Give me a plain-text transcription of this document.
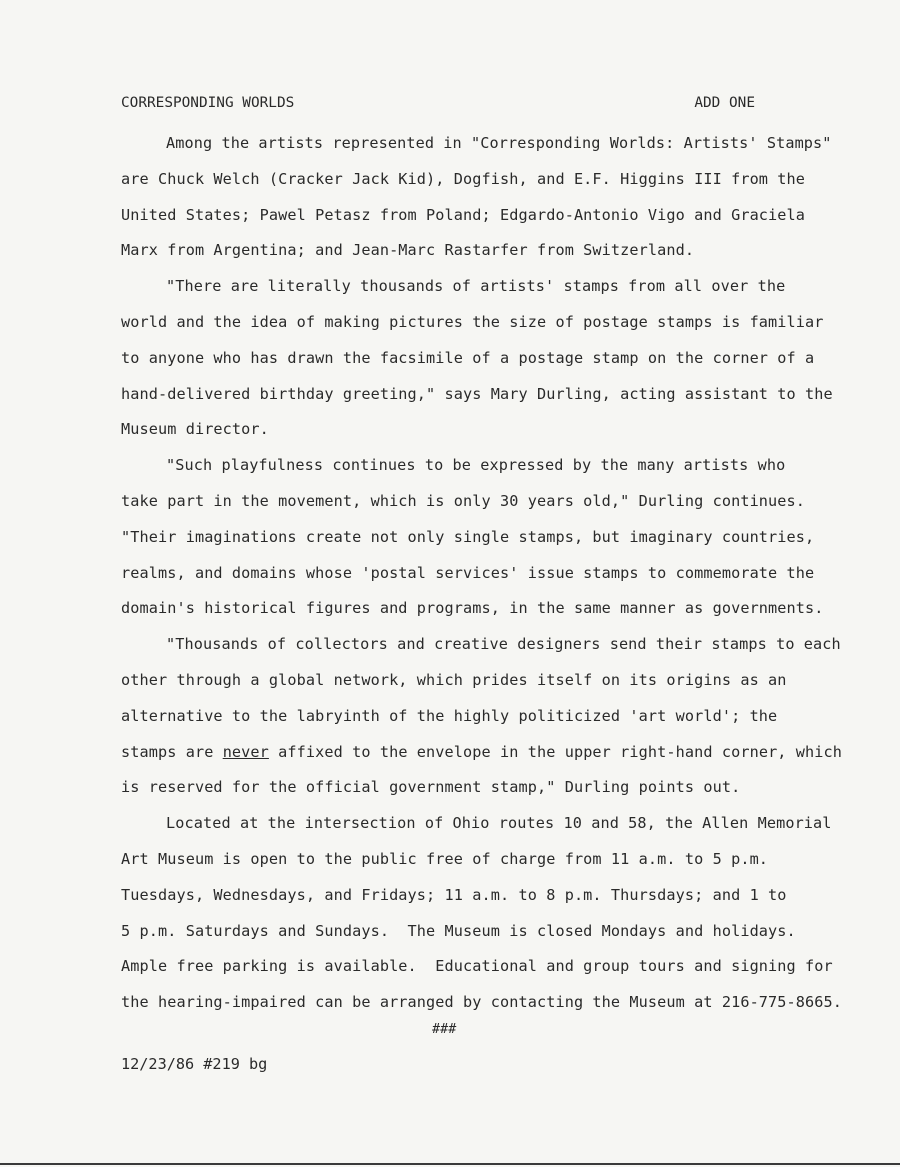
CORRESPONDING WORLDS	ADD ONE
Among the artists represented in "Corresponding Worlds: Artists' Stamps"
are Chuck Welch (Cracker Jack Kid), Dogfish, and E.F. Higgins III from the
United States; Pawel Petasz from Poland; Edgardo-Antonio Vigo and Graciela
Marx from Argentina; and Jean-Marc Rastarfer from Switzerland.
"There are literally thousands of artists' stamps from all over the
world and the idea of making pictures the size of postage stamps is familiar
to anyone who has drawn the facsimile of a postage stamp on the corner of a
hand-delivered birthday greeting," says Mary Durling, acting assistant to the
Museum director.
"Such playfulness continues to be expressed by the many artists who
take part in the movement, which is only 30 years old," Durling continues.
"Their imaginations create not only single stamps, but imaginary countries,
realms, and domains whose 'postal services' issue stamps to commemorate the
domain's historical figures and programs, in the same manner as governments.
"Thousands of collectors and creative designers send their stamps to each
other through a global network, which prides itself on its origins as an
alternative to the labryinth of the highly politicized 'art world'; the
stamps are never affixed to the envelope in the upper right-hand corner, which
is reserved for the official government stamp," Durling points out.
Located at the intersection of Ohio routes 10 and 58, the Allen Memorial
Art Museum is open to the public free of charge from 11 a.m. to 5 p.m.
Tuesdays, Wednesdays, and Fridays; 11 a.m. to 8 p.m. Thursdays; and 1 to
5 p.m. Saturdays and Sundays.  The Museum is closed Mondays and holidays.
Ample free parking is available.  Educational and group tours and signing for
the hearing-impaired can be arranged by contacting the Museum at 216-775-8665.
###
12/23/86 #219 bg
